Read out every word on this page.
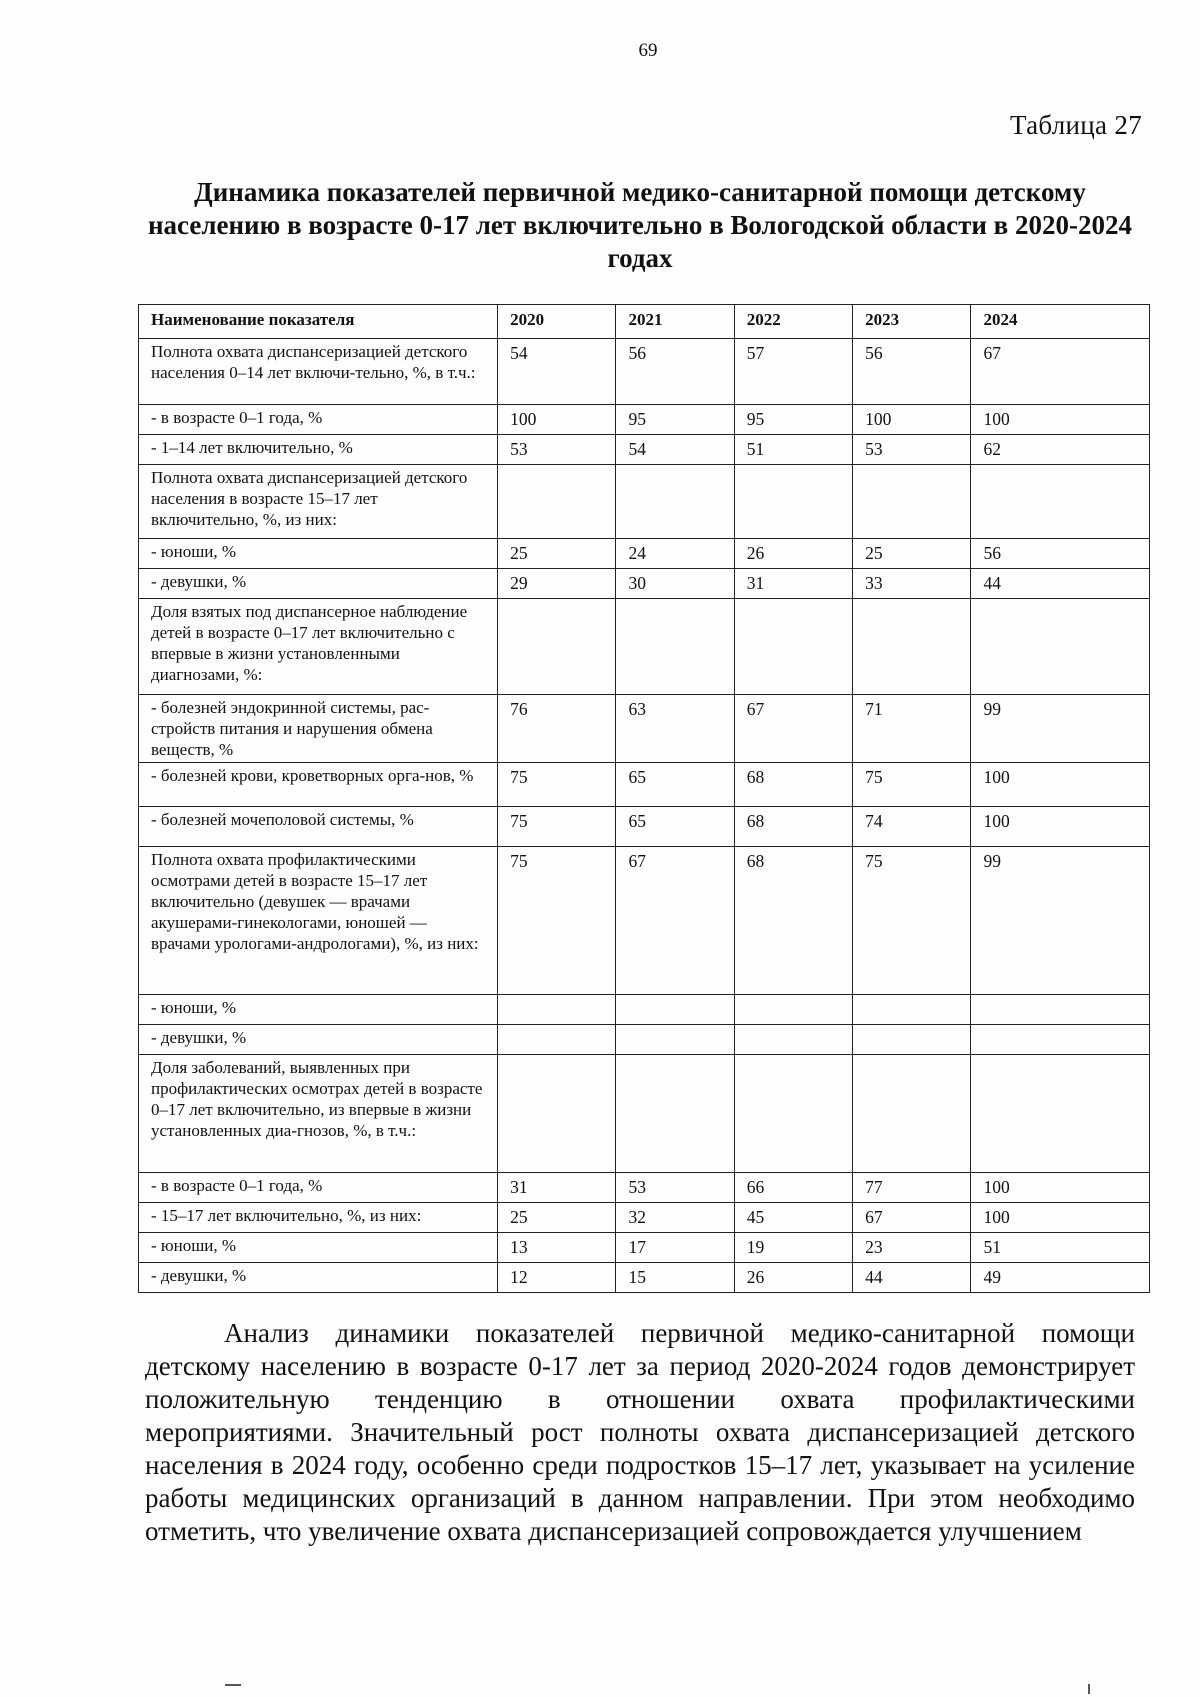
69
Таблица 27
Динамика показателей первичной медико-санитарной помощи детскому населению в возрасте 0-17 лет включительно в Вологодской области в 2020-2024 годах
Наименование показателя	2020	2021	2022	2023	2024
Полнота охвата диспансеризацией детского населения 0–14 лет включи-тельно, %, в т.ч.:	54	56	57	56	67
- в возрасте 0–1 года, %	100	95	95	100	100
- 1–14 лет включительно, %	53	54	51	53	62
Полнота охвата диспансеризацией детского населения в возрасте 15–17 лет включительно, %, из них:					
- юноши, %	25	24	26	25	56
- девушки, %	29	30	31	33	44
Доля взятых под диспансерное наблюдение детей в возрасте 0–17 лет включительно с впервые в жизни установленными диагнозами, %:					
- болезней эндокринной системы, рас-стройств питания и нарушения обмена веществ, %	76	63	67	71	99
- болезней крови, кроветворных орга-нов, %	75	65	68	75	100
- болезней мочеполовой системы, %	75	65	68	74	100
Полнота охвата профилактическими осмотрами детей в возрасте 15–17 лет включительно (девушек — врачами акушерами-гинекологами, юношей — врачами урологами-андрологами), %, из них:	75	67	68	75	99
- юноши, %					
- девушки, %					
Доля заболеваний, выявленных при профилактических осмотрах детей в возрасте 0–17 лет включительно, из впервые в жизни установленных диа-гнозов, %, в т.ч.:					
- в возрасте 0–1 года, %	31	53	66	77	100
- 15–17 лет включительно, %, из них:	25	32	45	67	100
- юноши, %	13	17	19	23	51
- девушки, %	12	15	26	44	49

Анализ динамики показателей первичной медико-санитарной помощи детскому населению в возрасте 0-17 лет за период 2020-2024 годов демонстрирует положительную тенденцию в отношении охвата профилактическими мероприятиями. Значительный рост полноты охвата диспансеризацией детского населения в 2024 году, особенно среди подростков 15–17 лет, указывает на усиление работы медицинских организаций в данном направлении. При этом необходимо отметить, что увеличение охвата диспансеризацией сопровождается улучшением
